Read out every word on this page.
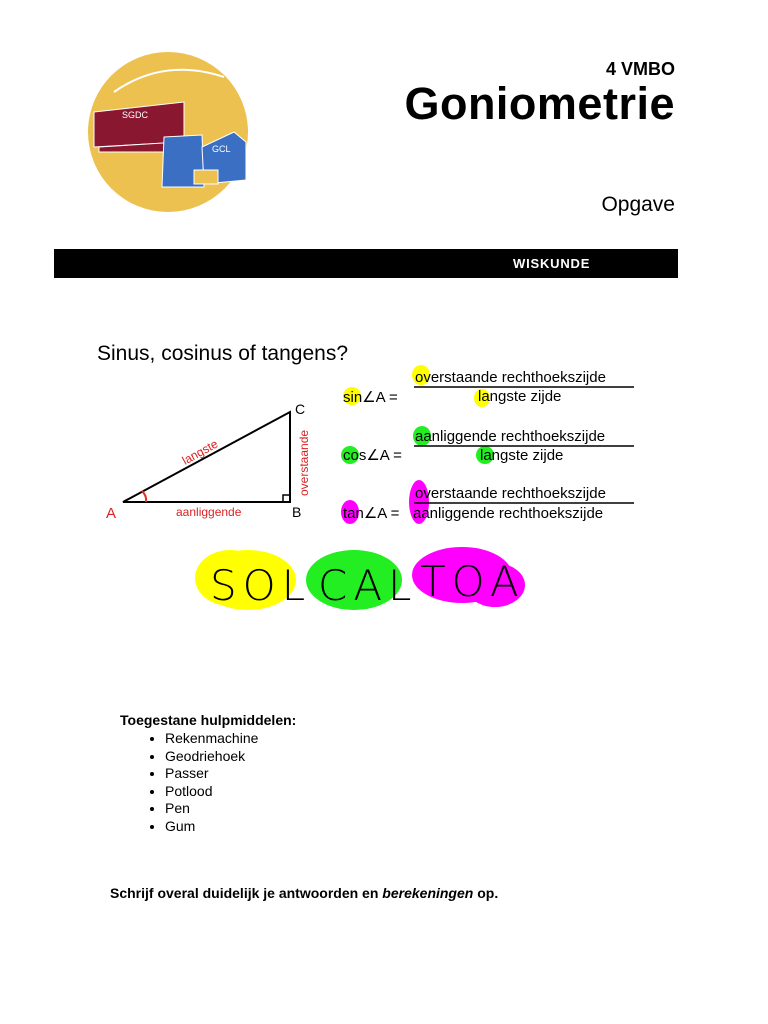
SGDC
GCL
4 VMBO
Goniometrie
Opgave
WISKUNDE
Sinus, cosinus of tangens?
A	B
C
langste
aanliggende
overstaande
sin∠A =
overstaande rechthoekszijde
langste zijde
cos∠A =
aanliggende rechthoekszijde
langste zijde
tan∠A =
overstaande rechthoekszijde
aanliggende rechthoekszijde
SOL CAL TOA
Toegestane hulpmiddelen:
• Rekenmachine
• Geodriehoek
• Passer
• Potlood
• Pen
• Gum
Schrijf overal duidelijk je antwoorden en berekeningen op.
